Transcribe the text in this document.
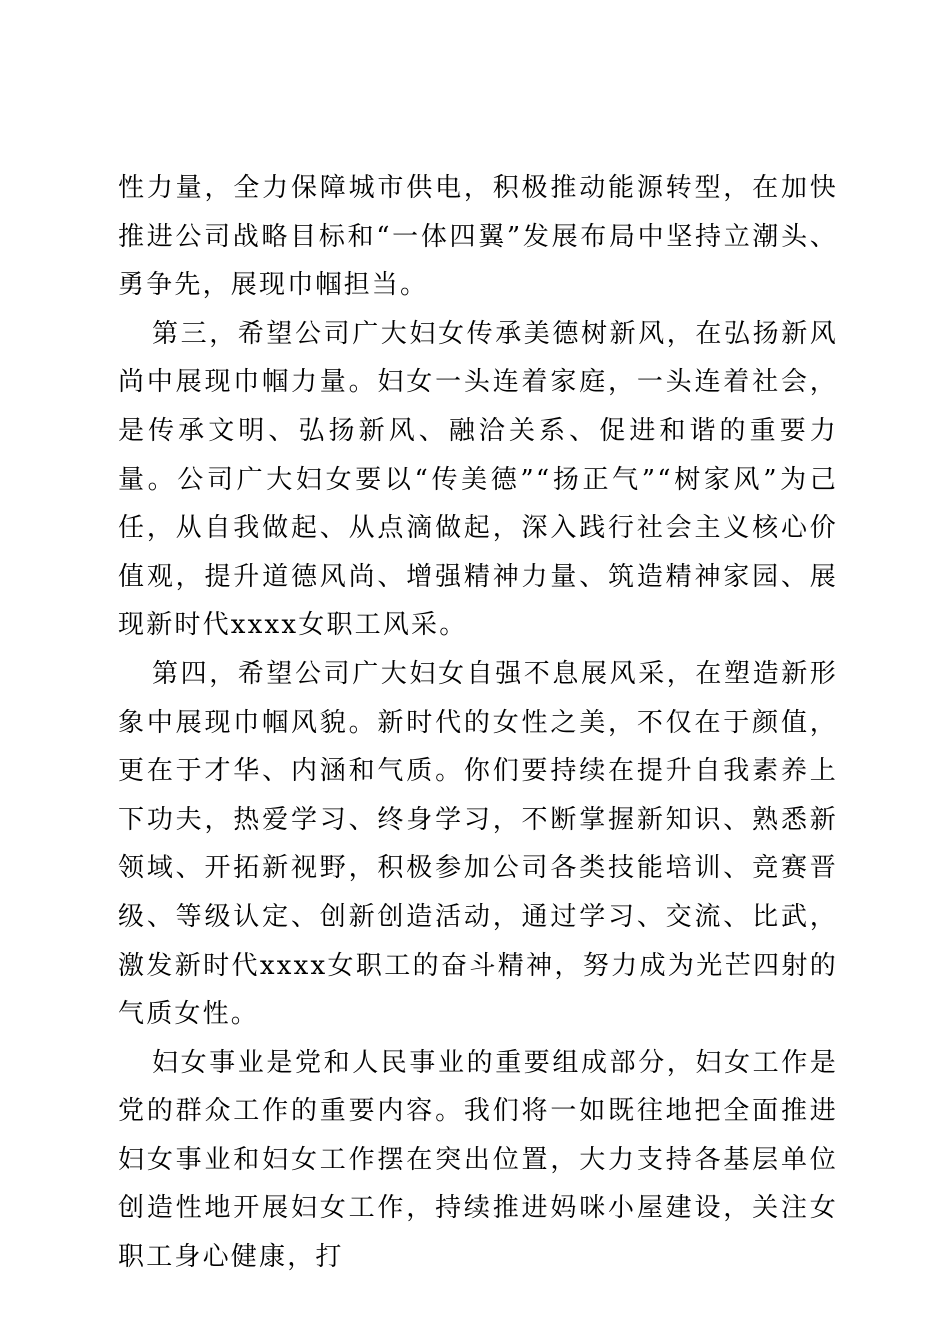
性力量，全力保障城市供电，积极推动能源转型，在加快推进公司战略目标和“一体四翼”发展布局中坚持立潮头、勇争先，展现巾帼担当。

第三，希望公司广大妇女传承美德树新风，在弘扬新风尚中展现巾帼力量。妇女一头连着家庭，一头连着社会，是传承文明、弘扬新风、融洽关系、促进和谐的重要力量。公司广大妇女要以“传美德”“扬正气”“树家风”为己任，从自我做起、从点滴做起，深入践行社会主义核心价值观，提升道德风尚、增强精神力量、筑造精神家园、展现新时代xxxx女职工风采。

第四，希望公司广大妇女自强不息展风采，在塑造新形象中展现巾帼风貌。新时代的女性之美，不仅在于颜值，更在于才华、内涵和气质。你们要持续在提升自我素养上下功夫，热爱学习、终身学习，不断掌握新知识、熟悉新领域、开拓新视野，积极参加公司各类技能培训、竞赛晋级、等级认定、创新创造活动，通过学习、交流、比武，激发新时代xxxx女职工的奋斗精神，努力成为光芒四射的气质女性。

妇女事业是党和人民事业的重要组成部分，妇女工作是党的群众工作的重要内容。我们将一如既往地把全面推进妇女事业和妇女工作摆在突出位置，大力支持各基层单位创造性地开展妇女工作，持续推进妈咪小屋建设，关注女职工身心健康，打
